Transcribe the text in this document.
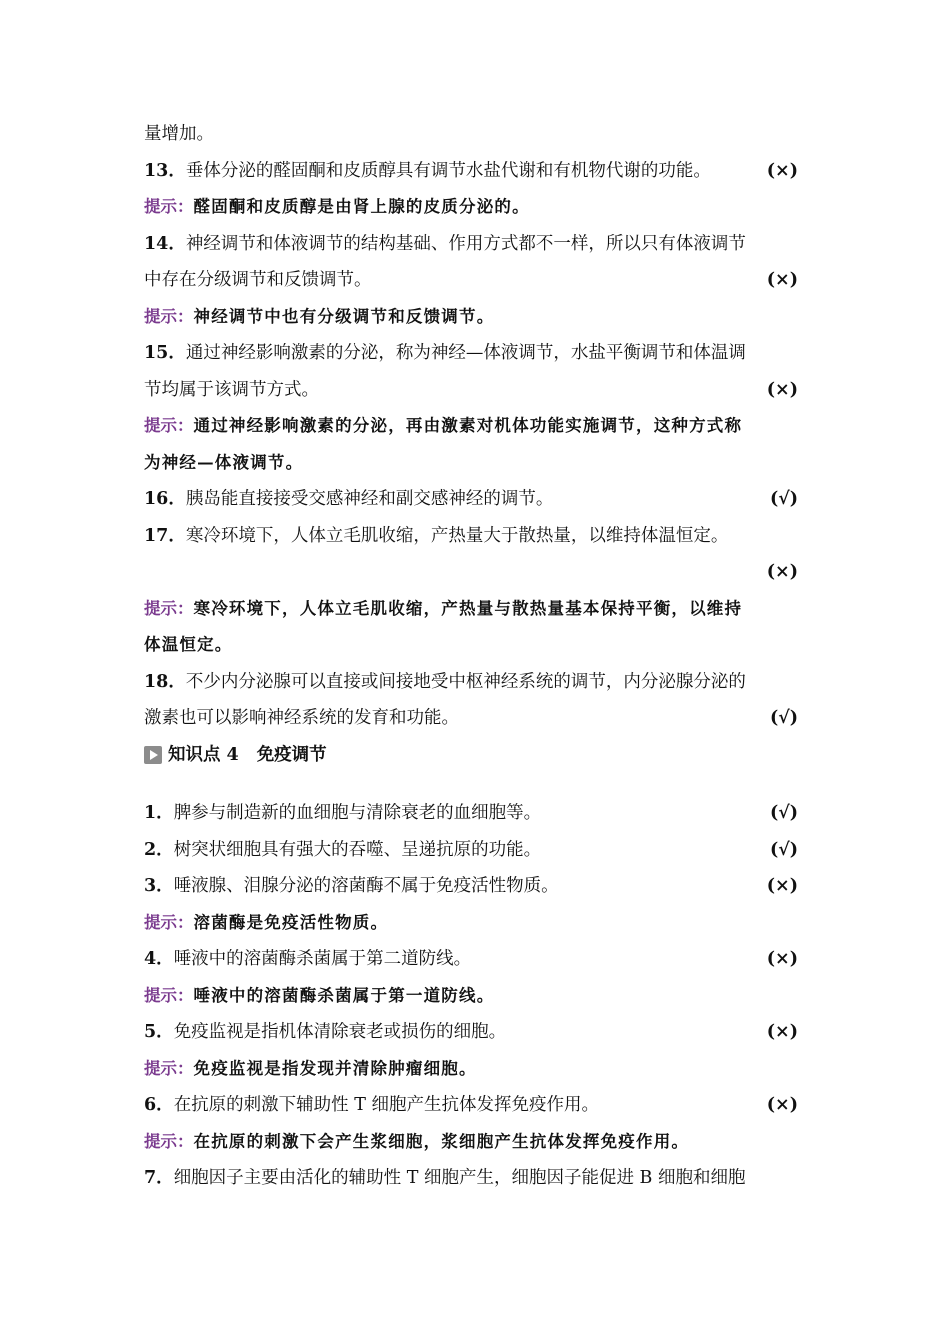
量增加。
13．垂体分泌的醛固酮和皮质醇具有调节水盐代谢和有机物代谢的功能。	(×)
提示：醛固酮和皮质醇是由肾上腺的皮质分泌的。
14．神经调节和体液调节的结构基础、作用方式都不一样，所以只有体液调节
中存在分级调节和反馈调节。	(×)
提示：神经调节中也有分级调节和反馈调节。
15．通过神经影响激素的分泌，称为神经—体液调节，水盐平衡调节和体温调
节均属于该调节方式。	(×)
提示：通过神经影响激素的分泌，再由激素对机体功能实施调节，这种方式称
为神经—体液调节。
16．胰岛能直接接受交感神经和副交感神经的调节。	(√)
17．寒冷环境下，人体立毛肌收缩，产热量大于散热量，以维持体温恒定。
(×)
提示：寒冷环境下，人体立毛肌收缩，产热量与散热量基本保持平衡，以维持
体温恒定。
18．不少内分泌腺可以直接或间接地受中枢神经系统的调节，内分泌腺分泌的
激素也可以影响神经系统的发育和功能。	(√)
知识点 4 免疫调节
1．脾参与制造新的血细胞与清除衰老的血细胞等。	(√)
2．树突状细胞具有强大的吞噬、呈递抗原的功能。	(√)
3．唾液腺、泪腺分泌的溶菌酶不属于免疫活性物质。	(×)
提示：溶菌酶是免疫活性物质。
4．唾液中的溶菌酶杀菌属于第二道防线。	(×)
提示：唾液中的溶菌酶杀菌属于第一道防线。
5．免疫监视是指机体清除衰老或损伤的细胞。	(×)
提示：免疫监视是指发现并清除肿瘤细胞。
6．在抗原的刺激下辅助性 T 细胞产生抗体发挥免疫作用。	(×)
提示：在抗原的刺激下会产生浆细胞，浆细胞产生抗体发挥免疫作用。
7．细胞因子主要由活化的辅助性 T 细胞产生，细胞因子能促进 B 细胞和细胞
